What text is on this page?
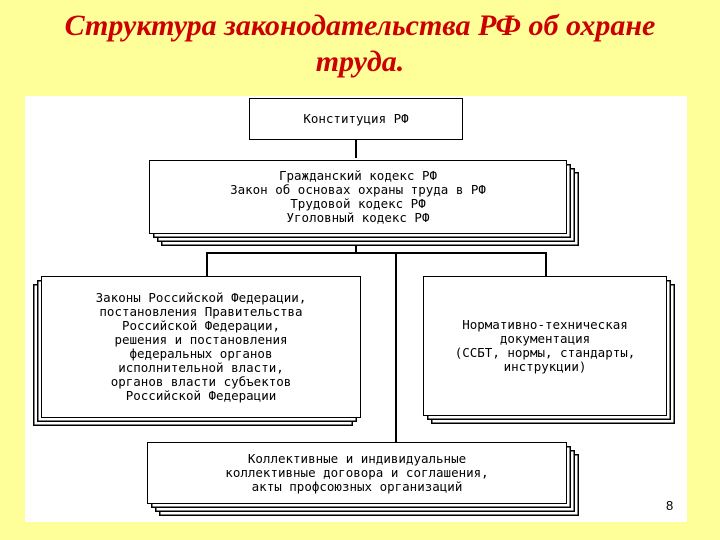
Структура законодательства РФ об охране
труда.
Конституция РФ
Гражданский кодекс РФ
Закон об основах охраны труда в РФ
Трудовой кодекс РФ
Уголовный кодекс РФ
Законы Российской Федерации,
постановления Правительства
Российской Федерации,
решения и постановления
федеральных органов
исполнительной власти,
органов власти субъектов
Российской Федерации
Нормативно-техническая
документация
(ССБТ, нормы, стандарты,
инструкции)
Коллективные и индивидуальные
коллективные договора и соглашения,
акты профсоюзных организаций
8
